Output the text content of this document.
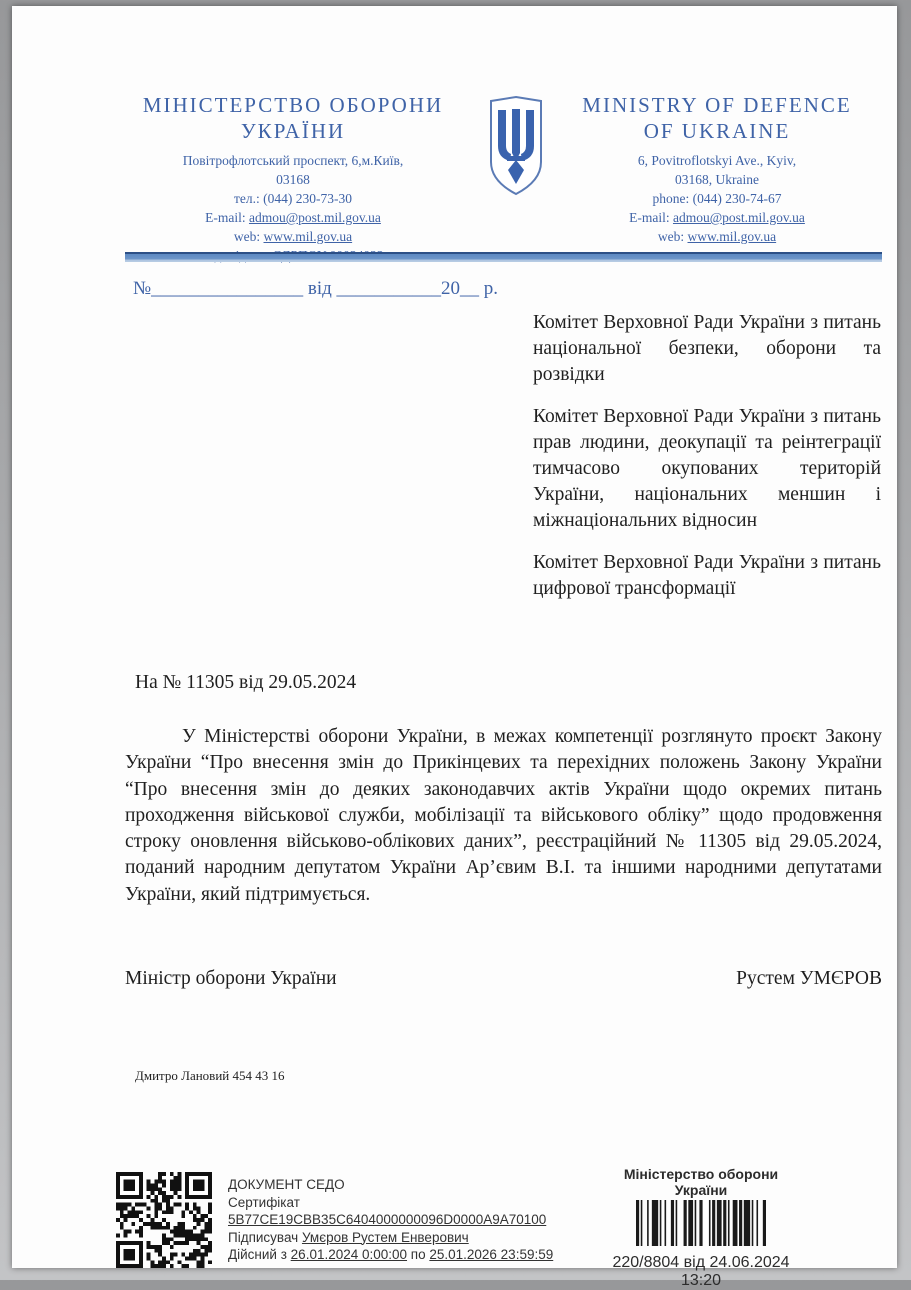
МІНІСТЕРСТВО ОБОРОНИ
УКРАЇНИ
Повітрофлотський проспект, 6,м.Київ,
03168
тел.: (044) 230-73-30
E-mail: admou@post.mil.gov.ua
web: www.mil.gov.ua
MINISTRY OF DEFENCE
OF UKRAINE
6, Povitroflotskyi Ave., Kyiv,
03168, Ukraine
phone: (044) 230-74-67
E-mail: admou@post.mil.gov.ua
web: www.mil.gov.ua
№________________ від ___________20__ р.

Комітет Верховної Ради України з питань національної безпеки, оборони та розвідки

Комітет Верховної Ради України з питань прав людини, деокупації та реінтеграції тимчасово окупованих територій України, національних меншин і міжнаціональних відносин

Комітет Верховної Ради України з питань цифрової трансформації

На № 11305 від 29.05.2024

У Міністерстві оборони України, в межах компетенції розглянуто проєкт Закону України “Про внесення змін до Прикінцевих та перехідних положень Закону України “Про внесення змін до деяких законодавчих актів України щодо окремих питань проходження військової служби, мобілізації та військового обліку” щодо продовження строку оновлення військово-облікових даних”, реєстраційний № 11305 від 29.05.2024, поданий народним депутатом України Ар’євим В.І. та іншими народними депутатами України, який підтримується.

Міністр оборони України	Рустем УМЄРОВ
Дмитро Лановий 454 43 16
ДОКУМЕНТ СЕДО
Сертифікат 5B77CE19CBB35C6404000000096D0000A9A70100
Підписувач Умєров Рустем Енверович
Дійсний з 26.01.2024 0:00:00 по 25.01.2026 23:59:59
Міністерство оборони України
220/8804 від 24.06.2024 13:20
